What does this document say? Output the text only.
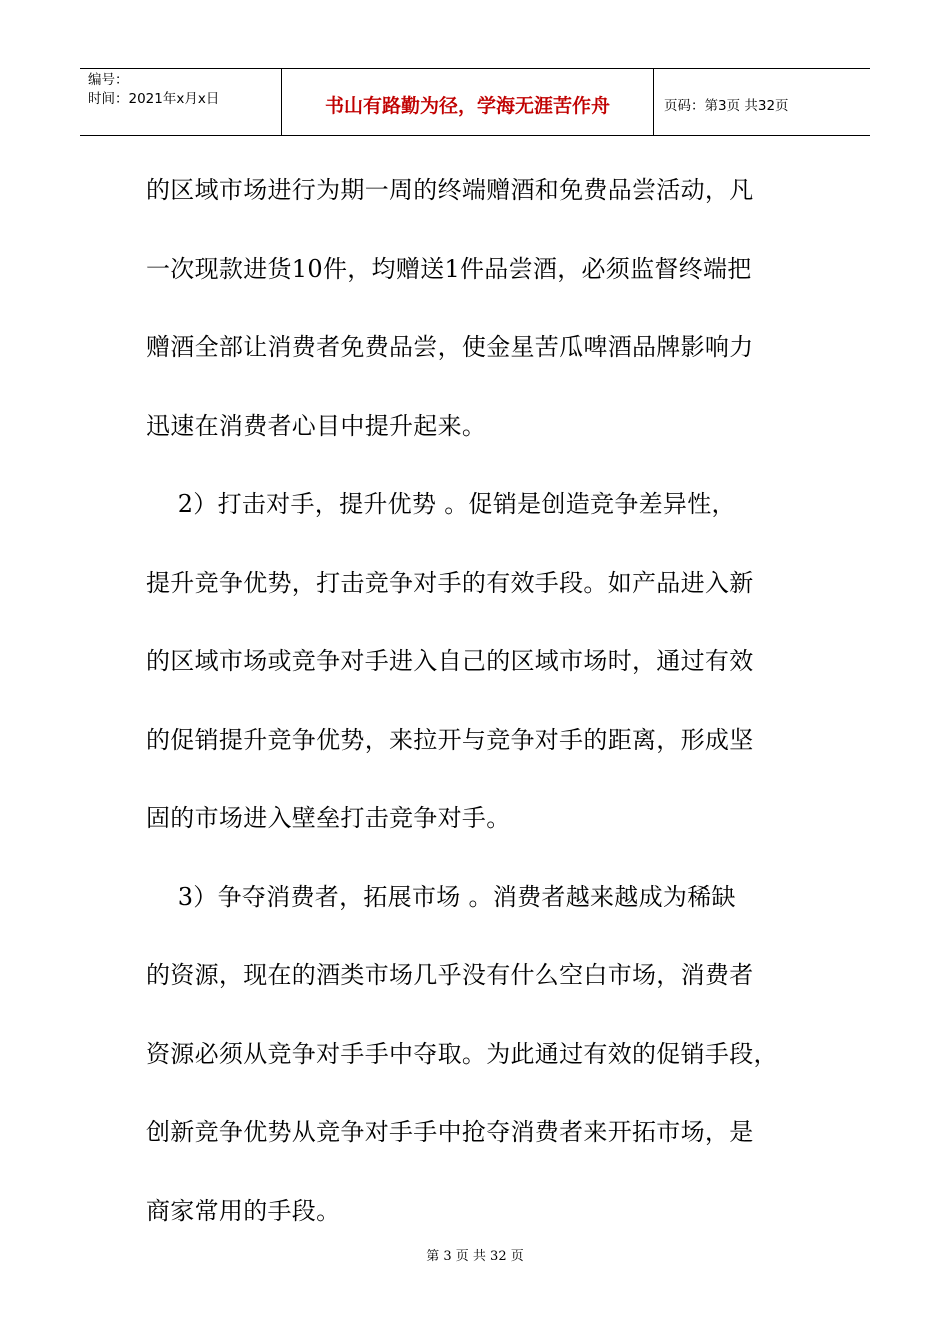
编号：
时间：2021年x月x日	书山有路勤为径，学海无涯苦作舟	页码：第3页 共32页
的区域市场进行为期一周的终端赠酒和免费品尝活动，凡
一次现款进货10件，均赠送1件品尝酒，必须监督终端把
赠酒全部让消费者免费品尝，使金星苦瓜啤酒品牌影响力
迅速在消费者心目中提升起来。
2）打击对手，提升优势 。促销是创造竞争差异性，
提升竞争优势，打击竞争对手的有效手段。如产品进入新
的区域市场或竞争对手进入自己的区域市场时，通过有效
的促销提升竞争优势，来拉开与竞争对手的距离，形成坚
固的市场进入壁垒打击竞争对手。
3）争夺消费者，拓展市场 。消费者越来越成为稀缺
的资源，现在的酒类市场几乎没有什么空白市场，消费者
资源必须从竞争对手手中夺取。为此通过有效的促销手段，
创新竞争优势从竞争对手手中抢夺消费者来开拓市场，是
商家常用的手段。
第 3 页 共 32 页
